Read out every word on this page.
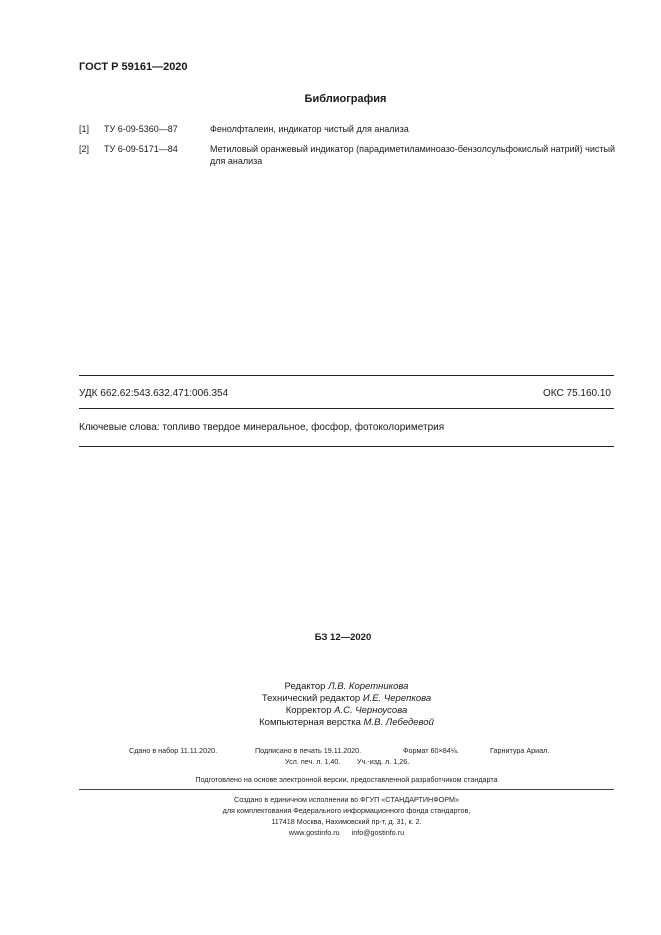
ГОСТ Р 59161—2020
Библиография
[1] ТУ 6-09-5360—87	Фенолфталеин, индикатор чистый для анализа
[2] ТУ 6-09-5171—84	Метиловый оранжевый индикатор (парадиметиламиноазо-бензолсульфокислый натрий) чистый для анализа
УДК 662.62:543.632.471:006.354	ОКС 75.160.10
Ключевые слова: топливо твердое минеральное, фосфор, фотоколориметрия
БЗ 12—2020
Редактор Л.В. Коретникова
Технический редактор И.Е. Черепкова
Корректор А.С. Черноусова
Компьютерная верстка М.В. Лебедевой
Сдано в набор 11.11.2020.	Подписано в печать 19.11.2020.	Формат 60×84⅛.	Гарнитура Ариал.
Усл. печ. л. 1,40. Уч.-изд. л. 1,26.
Подготовлено на основе электронной версии, предоставленной разработчиком стандарта
Создано в единичном исполнении во ФГУП «СТАНДАРТИНФОРМ»
для комплектования Федерального информационного фонда стандартов,
117418 Москва, Нахимовский пр-т, д. 31, к. 2.
www.gostinfo.ru info@gostinfo.ru
